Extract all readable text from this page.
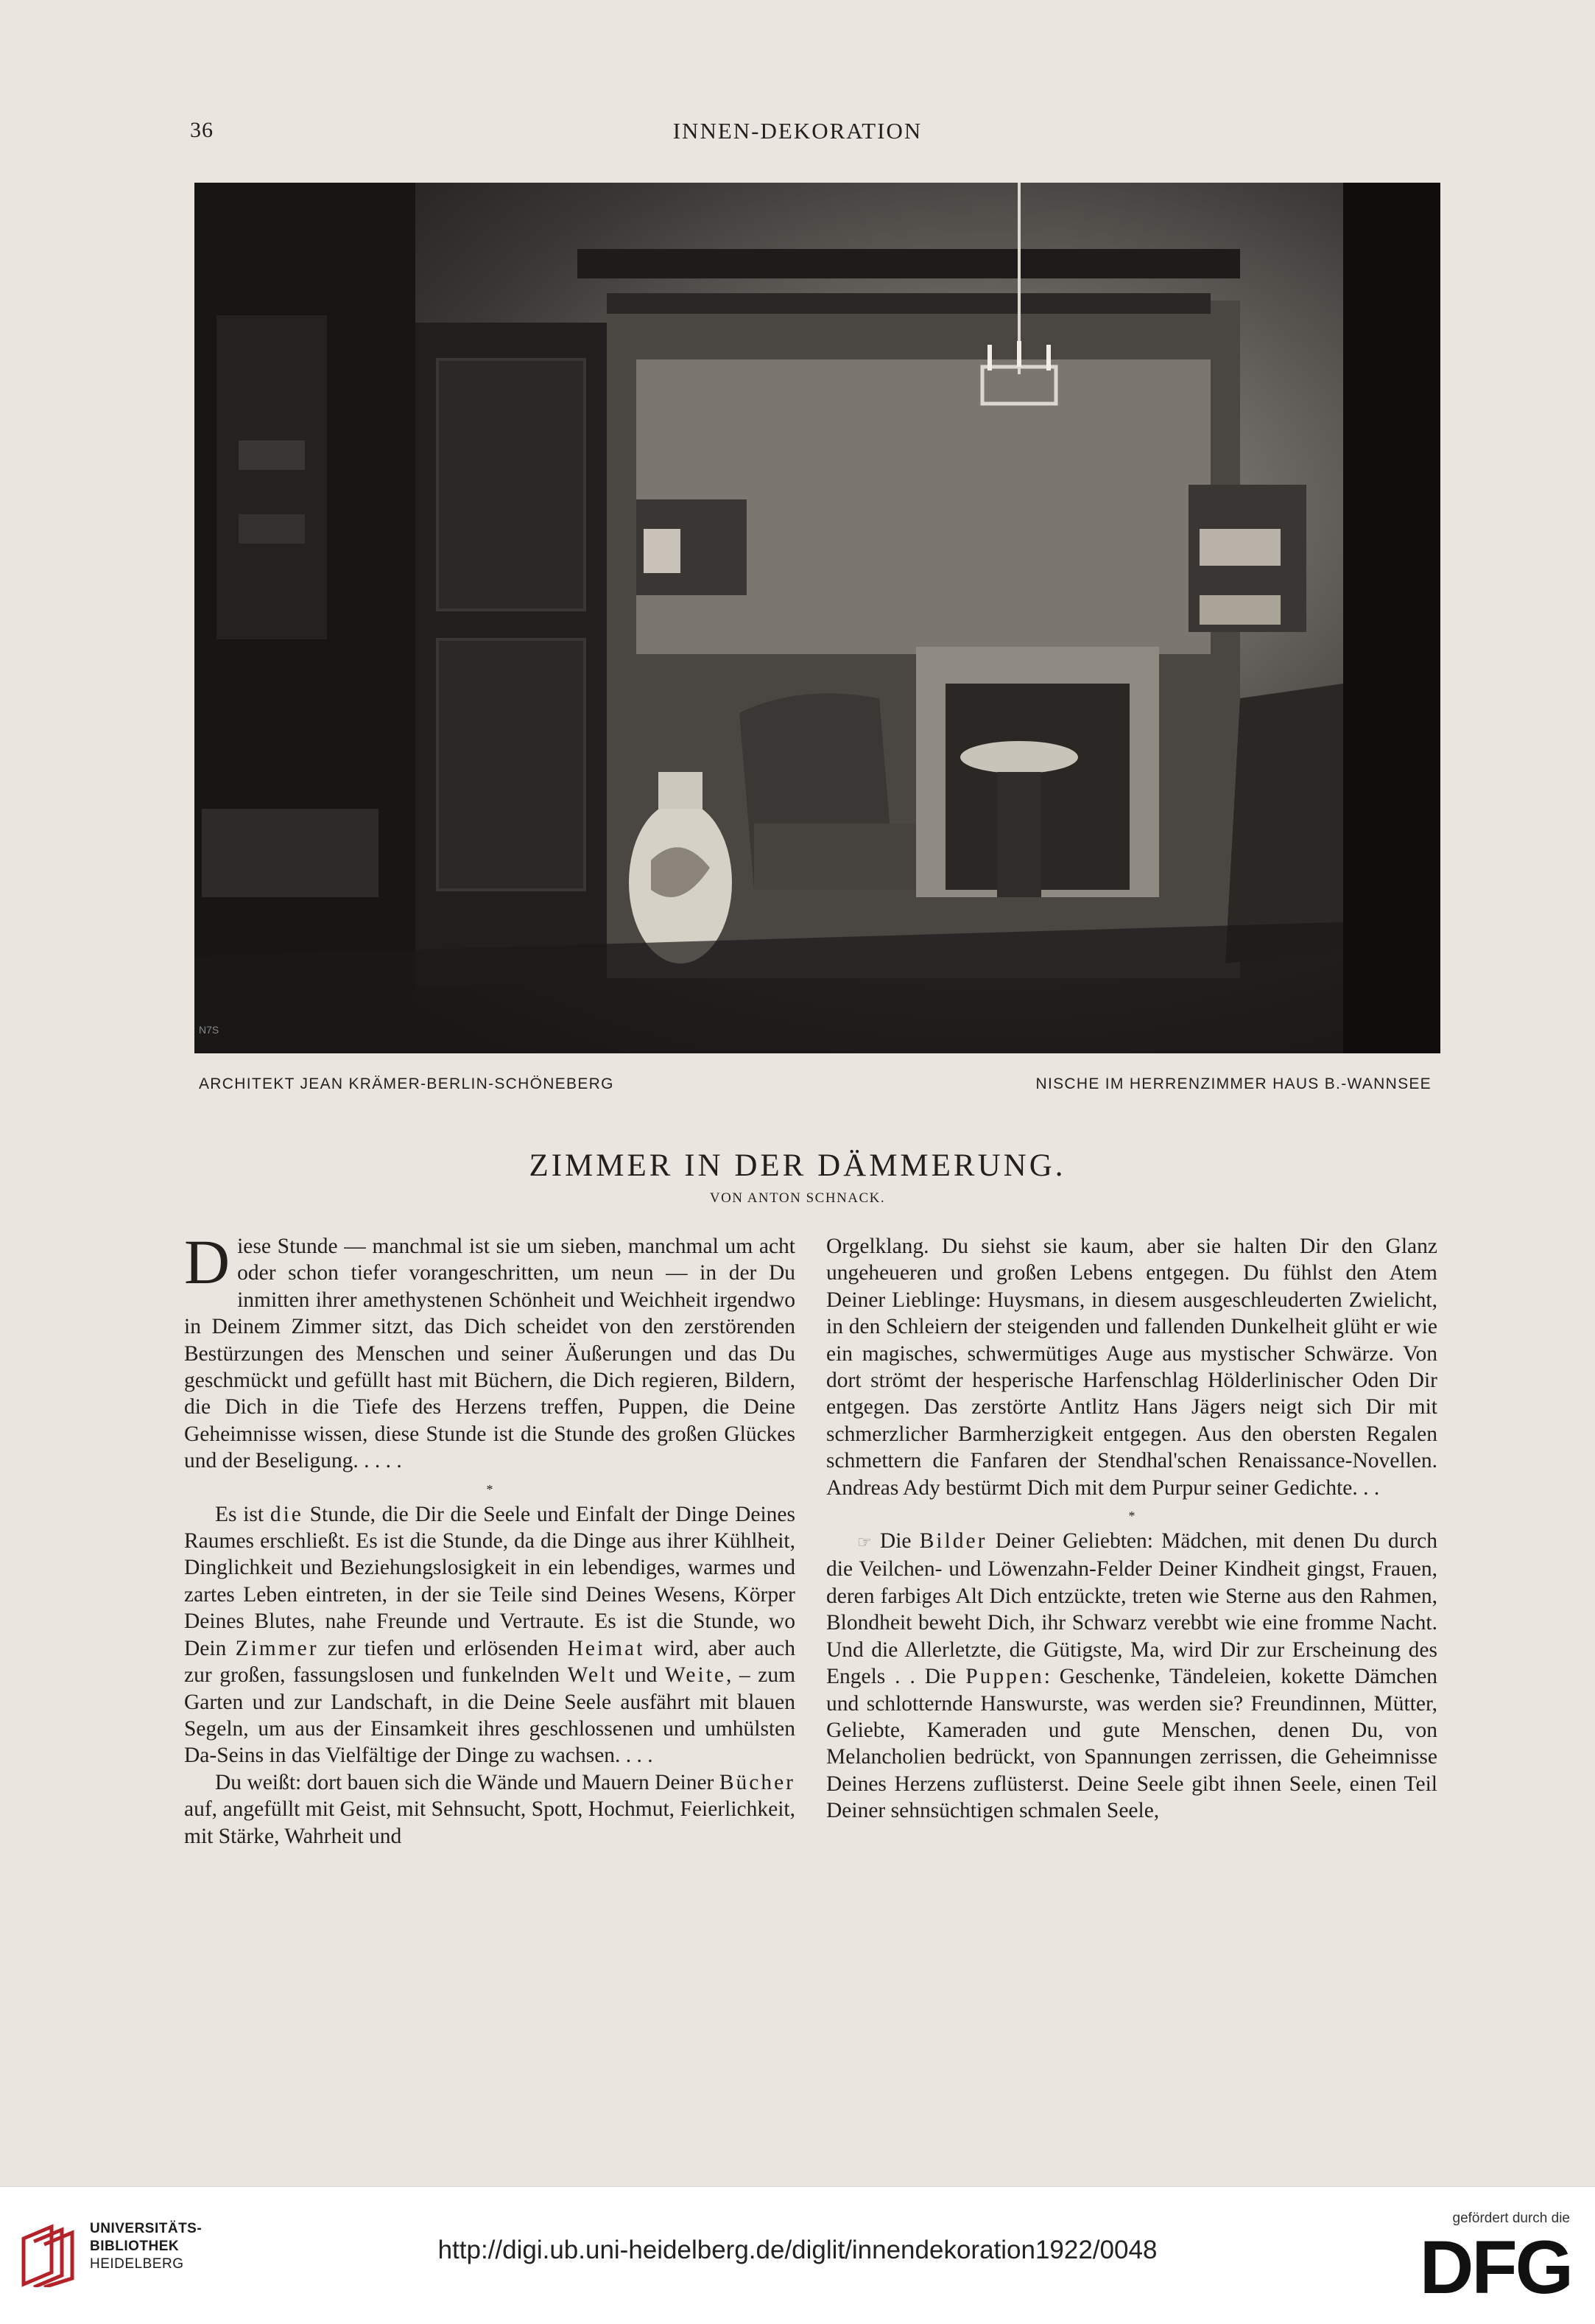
36	INNEN-DEKORATION
N7S
ARCHITEKT JEAN KRÄMER-BERLIN-SCHÖNEBERG	NISCHE IM HERRENZIMMER HAUS B.-WANNSEE
ZIMMER IN DER DÄMMERUNG.
VON ANTON SCHNACK.

Diese Stunde — manchmal ist sie um sieben, manchmal um acht oder schon tiefer vorangeschritten, um neun — in der Du inmitten ihrer amethystenen Schönheit und Weichheit irgendwo in Deinem Zimmer sitzt, das Dich scheidet von den zerstörenden Bestürzungen des Menschen und seiner Äußerungen und das Du geschmückt und gefüllt hast mit Büchern, die Dich regieren, Bildern, die Dich in die Tiefe des Herzens treffen, Puppen, die Deine Geheimnisse wissen, diese Stunde ist die Stunde des großen Glückes und der Beseligung. . . . .

*

Es ist die Stunde, die Dir die Seele und Einfalt der Dinge Deines Raumes erschließt. Es ist die Stunde, da die Dinge aus ihrer Kühlheit, Dinglichkeit und Beziehungslosigkeit in ein lebendiges, warmes und zartes Leben eintreten, in der sie Teile sind Deines Wesens, Körper Deines Blutes, nahe Freunde und Vertraute. Es ist die Stunde, wo Dein Zimmer zur tiefen und erlösenden Heimat wird, aber auch zur großen, fassungslosen und funkelnden Welt und Weite, – zum Garten und zur Landschaft, in die Deine Seele ausfährt mit blauen Segeln, um aus der Einsamkeit ihres geschlossenen und umhülsten Da-Seins in das Vielfältige der Dinge zu wachsen. . . .

Du weißt: dort bauen sich die Wände und Mauern Deiner Bücher auf, angefüllt mit Geist, mit Sehnsucht, Spott, Hochmut, Feierlichkeit, mit Stärke, Wahrheit und

Orgelklang. Du siehst sie kaum, aber sie halten Dir den Glanz ungeheueren und großen Lebens entgegen. Du fühlst den Atem Deiner Lieblinge: Huysmans, in diesem ausgeschleuderten Zwielicht, in den Schleiern der steigenden und fallenden Dunkelheit glüht er wie ein magisches, schwermütiges Auge aus mystischer Schwärze. Von dort strömt der hesperische Harfenschlag Hölderlinischer Oden Dir entgegen. Das zerstörte Antlitz Hans Jägers neigt sich Dir mit schmerzlicher Barmherzigkeit entgegen. Aus den obersten Regalen schmettern die Fanfaren der Stendhal'schen Renaissance-Novellen. Andreas Ady bestürmt Dich mit dem Purpur seiner Gedichte. . .

*

☞ Die Bilder Deiner Geliebten: Mädchen, mit denen Du durch die Veilchen- und Löwenzahn-Felder Deiner Kindheit gingst, Frauen, deren farbiges Alt Dich entzückte, treten wie Sterne aus den Rahmen, Blondheit beweht Dich, ihr Schwarz verebbt wie eine fromme Nacht. Und die Allerletzte, die Gütigste, Ma, wird Dir zur Erscheinung des Engels . . Die Puppen: Geschenke, Tändeleien, kokette Dämchen und schlotternde Hanswurste, was werden sie? Freundinnen, Mütter, Geliebte, Kameraden und gute Menschen, denen Du, von Melancholien bedrückt, von Spannungen zerrissen, die Geheimnisse Deines Herzens zuflüsterst. Deine Seele gibt ihnen Seele, einen Teil Deiner sehnsüchtigen schmalen Seele,

UNIVERSITÄTS-
BIBLIOTHEK
HEIDELBERG	http://digi.ub.uni-heidelberg.de/diglit/innendekoration1922/0048
gefördert durch die
DFG
